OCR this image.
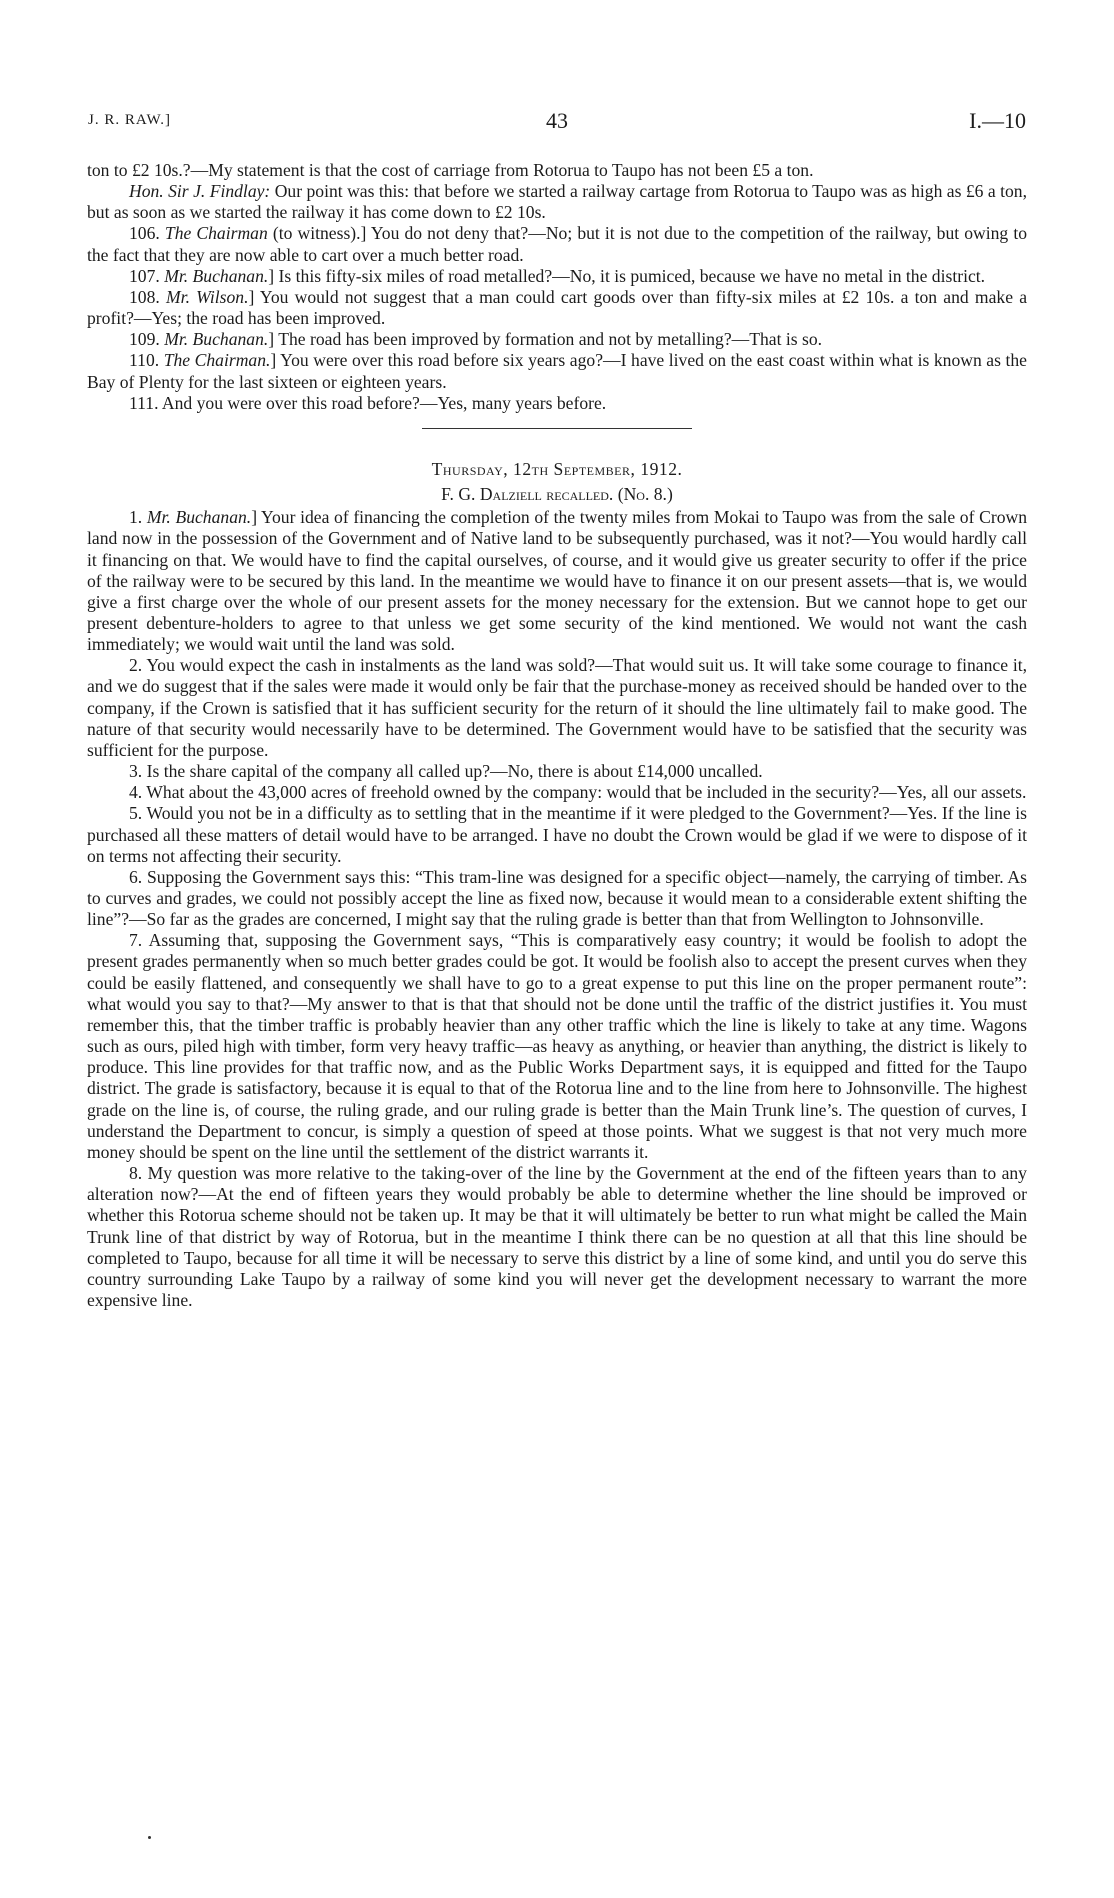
J. R. RAW.]	43	I.—10

ton to £2 10s.?—My statement is that the cost of carriage from Rotorua to Taupo has not been £5 a ton.

Hon. Sir J. Findlay: Our point was this: that before we started a railway cartage from Rotorua to Taupo was as high as £6 a ton, but as soon as we started the railway it has come down to £2 10s.

106. The Chairman (to witness).] You do not deny that?—No; but it is not due to the competition of the railway, but owing to the fact that they are now able to cart over a much better road.

107. Mr. Buchanan.] Is this fifty-six miles of road metalled?—No, it is pumiced, because we have no metal in the district.

108. Mr. Wilson.] You would not suggest that a man could cart goods over than fifty-six miles at £2 10s. a ton and make a profit?—Yes; the road has been improved.

109. Mr. Buchanan.] The road has been improved by formation and not by metalling?—That is so.

110. The Chairman.] You were over this road before six years ago?—I have lived on the east coast within what is known as the Bay of Plenty for the last sixteen or eighteen years.

111. And you were over this road before?—Yes, many years before.

Thursday, 12th September, 1912.
F. G. Dalziell recalled. (No. 8.)

1. Mr. Buchanan.] Your idea of financing the completion of the twenty miles from Mokai to Taupo was from the sale of Crown land now in the possession of the Government and of Native land to be subsequently purchased, was it not?—You would hardly call it financing on that. We would have to find the capital ourselves, of course, and it would give us greater security to offer if the price of the railway were to be secured by this land. In the meantime we would have to finance it on our present assets—that is, we would give a first charge over the whole of our present assets for the money necessary for the extension. But we cannot hope to get our present debenture-holders to agree to that unless we get some security of the kind mentioned. We would not want the cash immediately; we would wait until the land was sold.

2. You would expect the cash in instalments as the land was sold?—That would suit us. It will take some courage to finance it, and we do suggest that if the sales were made it would only be fair that the purchase-money as received should be handed over to the company, if the Crown is satisfied that it has sufficient security for the return of it should the line ultimately fail to make good. The nature of that security would necessarily have to be determined. The Government would have to be satisfied that the security was sufficient for the purpose.

3. Is the share capital of the company all called up?—No, there is about £14,000 uncalled.

4. What about the 43,000 acres of freehold owned by the company: would that be included in the security?—Yes, all our assets.

5. Would you not be in a difficulty as to settling that in the meantime if it were pledged to the Government?—Yes. If the line is purchased all these matters of detail would have to be arranged. I have no doubt the Crown would be glad if we were to dispose of it on terms not affecting their security.

6. Supposing the Government says this: “This tram-line was designed for a specific object—namely, the carrying of timber. As to curves and grades, we could not possibly accept the line as fixed now, because it would mean to a considerable extent shifting the line”?—So far as the grades are concerned, I might say that the ruling grade is better than that from Wellington to Johnsonville.

7. Assuming that, supposing the Government says, “This is comparatively easy country; it would be foolish to adopt the present grades permanently when so much better grades could be got. It would be foolish also to accept the present curves when they could be easily flattened, and consequently we shall have to go to a great expense to put this line on the proper permanent route”: what would you say to that?—My answer to that is that that should not be done until the traffic of the district justifies it. You must remember this, that the timber traffic is probably heavier than any other traffic which the line is likely to take at any time. Wagons such as ours, piled high with timber, form very heavy traffic—as heavy as anything, or heavier than anything, the district is likely to produce. This line provides for that traffic now, and as the Public Works Department says, it is equipped and fitted for the Taupo district. The grade is satisfactory, because it is equal to that of the Rotorua line and to the line from here to Johnsonville. The highest grade on the line is, of course, the ruling grade, and our ruling grade is better than the Main Trunk line’s. The question of curves, I understand the Department to concur, is simply a question of speed at those points. What we suggest is that not very much more money should be spent on the line until the settlement of the district warrants it.

8. My question was more relative to the taking-over of the line by the Government at the end of the fifteen years than to any alteration now?—At the end of fifteen years they would probably be able to determine whether the line should be improved or whether this Rotorua scheme should not be taken up. It may be that it will ultimately be better to run what might be called the Main Trunk line of that district by way of Rotorua, but in the meantime I think there can be no question at all that this line should be completed to Taupo, because for all time it will be necessary to serve this district by a line of some kind, and until you do serve this country surrounding Lake Taupo by a railway of some kind you will never get the development necessary to warrant the more expensive line.
